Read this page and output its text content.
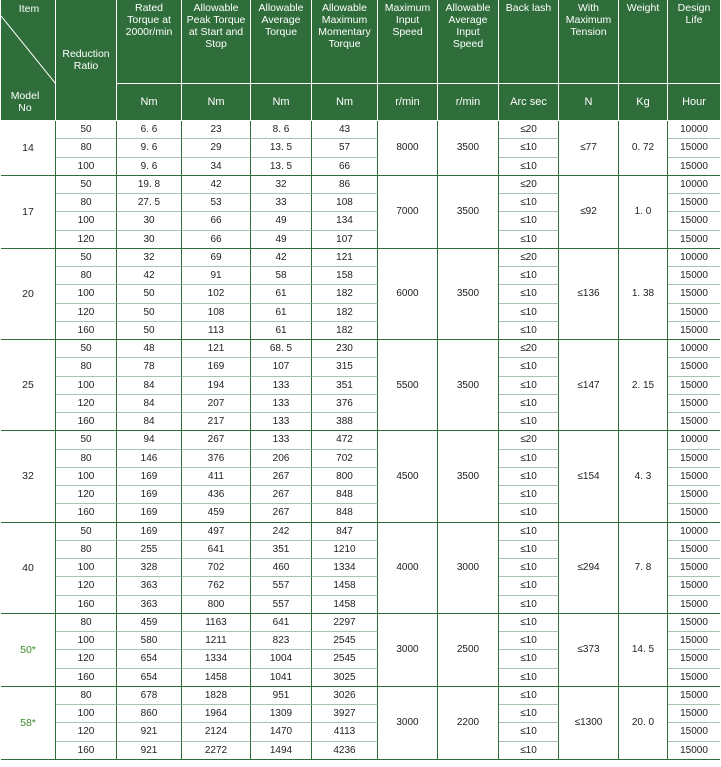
Item
Model No	Reduction Ratio	Rated Torque at 2000r/min	Allowable Peak Torque at Start and Stop	Allowable Average Torque	Allowable Maximum Momentary Torque	Maximum Input Speed	Allowable Average Input Speed	Back lash	With Maximum Tension	Weight	Design Life
		Nm	Nm	Nm	Nm	r/min	r/min	Arc sec	N	Kg	Hour
14	50	6. 6	23	8. 6	43	8000	3500	≤20	≤77	0. 72	10000
	80	9. 6	29	13. 5	57			≤10			15000
	100	9. 6	34	13. 5	66			≤10			15000
17	50	19. 8	42	32	86	7000	3500	≤20	≤92	1. 0	10000
	80	27. 5	53	33	108			≤10			15000
	100	30	66	49	134			≤10			15000
	120	30	66	49	107			≤10			15000
20	50	32	69	42	121	6000	3500	≤20	≤136	1. 38	10000
	80	42	91	58	158			≤10			15000
	100	50	102	61	182			≤10			15000
	120	50	108	61	182			≤10			15000
	160	50	113	61	182			≤10			15000
25	50	48	121	68. 5	230	5500	3500	≤20	≤147	2. 15	10000
	80	78	169	107	315			≤10			15000
	100	84	194	133	351			≤10			15000
	120	84	207	133	376			≤10			15000
	160	84	217	133	388			≤10			15000
32	50	94	267	133	472	4500	3500	≤20	≤154	4. 3	10000
	80	146	376	206	702			≤10			15000
	100	169	411	267	800			≤10			15000
	120	169	436	267	848			≤10			15000
	160	169	459	267	848			≤10			15000
40	50	169	497	242	847	4000	3000	≤10	≤294	7. 8	10000
	80	255	641	351	1210			≤10			15000
	100	328	702	460	1334			≤10			15000
	120	363	762	557	1458			≤10			15000
	160	363	800	557	1458			≤10			15000
50*	80	459	1163	641	2297	3000	2500	≤10	≤373	14. 5	15000
	100	580	1211	823	2545			≤10			15000
	120	654	1334	1004	2545			≤10			15000
	160	654	1458	1041	3025			≤10			15000
58*	80	678	1828	951	3026	3000	2200	≤10	≤1300	20. 0	15000
	100	860	1964	1309	3927			≤10			15000
	120	921	2124	1470	4113			≤10			15000
	160	921	2272	1494	4236			≤10			15000
